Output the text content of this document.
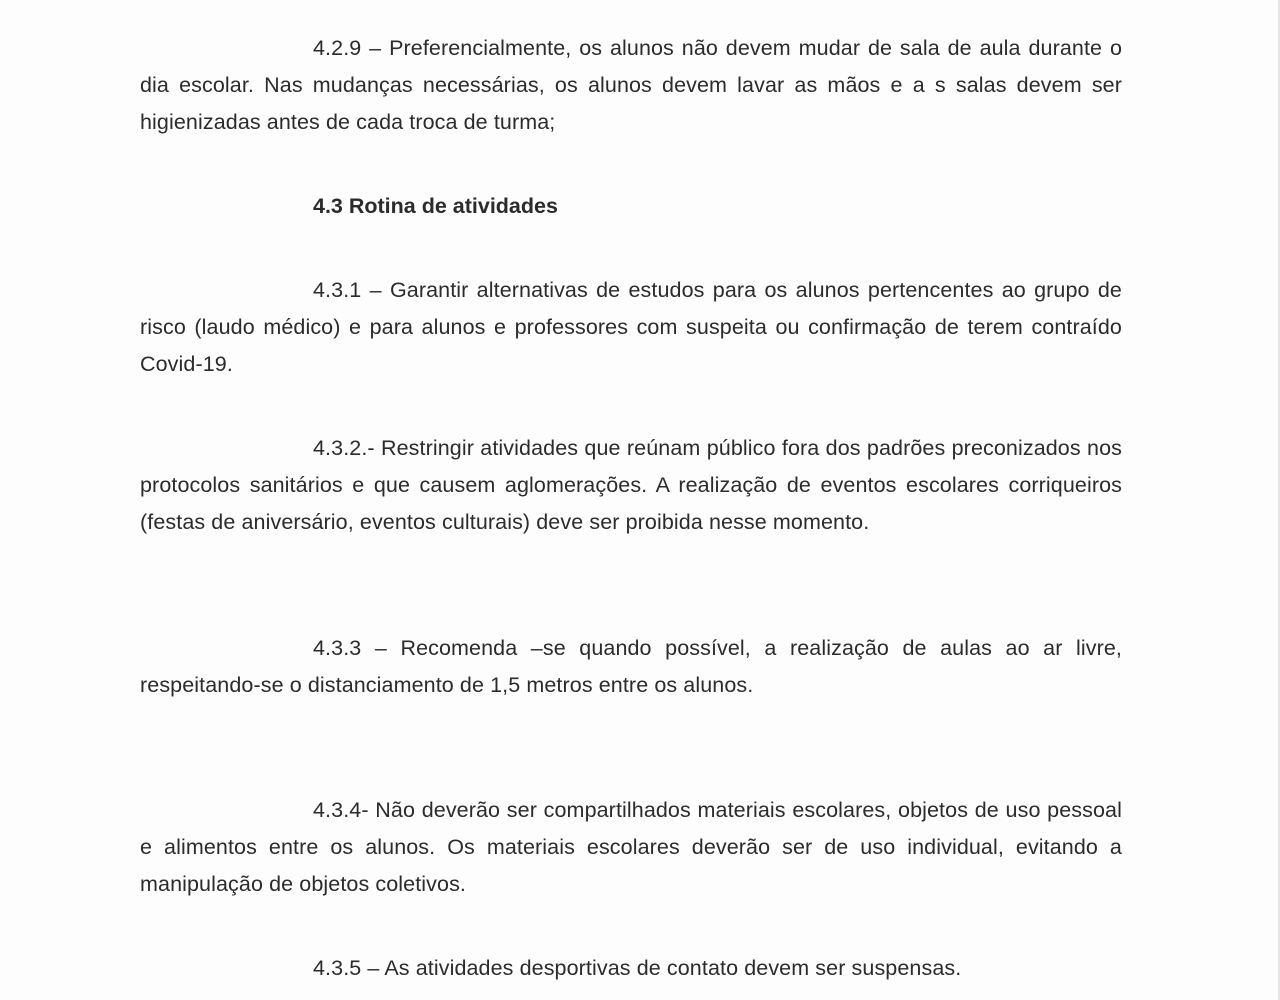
4.2.9 – Preferencialmente, os alunos não devem mudar de sala de aula durante o dia escolar. Nas mudanças necessárias, os alunos devem lavar as mãos e a s salas devem ser higienizadas antes de cada troca de turma;
4.3 Rotina de atividades
4.3.1 – Garantir alternativas de estudos para os alunos pertencentes ao grupo de risco (laudo médico) e para alunos e professores com suspeita ou confirmação de terem contraído Covid-19.
4.3.2.- Restringir atividades que reúnam público fora dos padrões preconizados nos protocolos sanitários e que causem aglomerações. A realização de eventos escolares corriqueiros (festas de aniversário, eventos culturais) deve ser proibida nesse momento.
4.3.3 – Recomenda –se quando possível, a realização de aulas ao ar livre, respeitando-se o distanciamento de 1,5 metros entre os alunos.
4.3.4- Não deverão ser compartilhados materiais escolares, objetos de uso pessoal e alimentos entre os alunos. Os materiais escolares deverão ser de uso individual, evitando a manipulação de objetos coletivos.
4.3.5 – As atividades desportivas de contato devem ser suspensas.
